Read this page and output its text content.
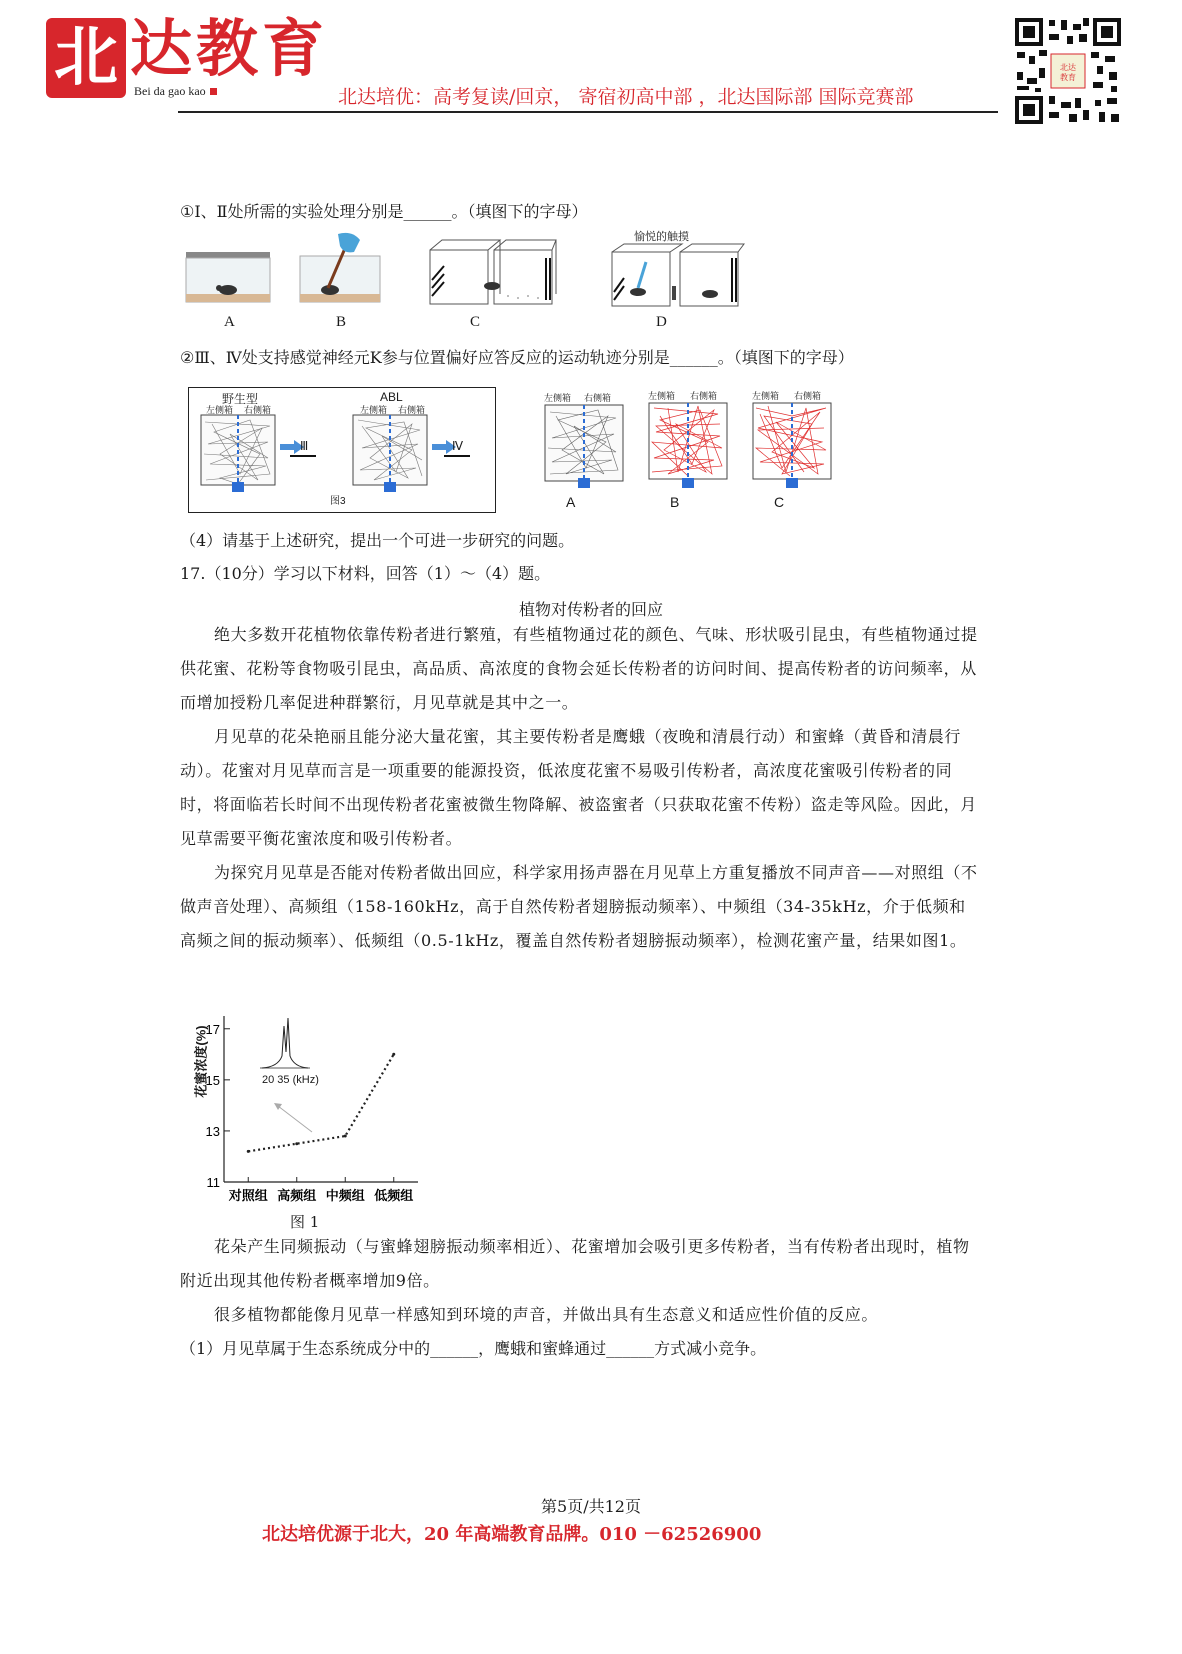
北 达教育
Bei da gao kao	北达培优：高考复读/回京， 寄宿初高中部 ，北达国际部 国际竞赛部
北达
教育
①Ⅰ、Ⅱ处所需的实验处理分别是______。（填图下的字母）
A	B	C
愉悦的触摸
D
②Ⅲ、Ⅳ处支持感觉神经元K参与位置偏好应答反应的运动轨迹分别是______。（填图下的字母）
野生型	ABL
左侧箱 右侧箱	左侧箱 右侧箱
Ⅲ	Ⅳ
图3
左侧箱 右侧箱
A
左侧箱 右侧箱
B
左侧箱 右侧箱
C
（4）请基于上述研究，提出一个可进一步研究的问题。
17.（10分）学习以下材料，回答（1）～（4）题。
植物对传粉者的回应
绝大多数开花植物依靠传粉者进行繁殖，有些植物通过花的颜色、气味、形状吸引昆虫，有些植物通过提供花蜜、花粉等食物吸引昆虫，高品质、高浓度的食物会延长传粉者的访问时间、提高传粉者的访问频率，从而增加授粉几率促进种群繁衍，月见草就是其中之一。
月见草的花朵艳丽且能分泌大量花蜜，其主要传粉者是鹰蛾（夜晚和清晨行动）和蜜蜂（黄昏和清晨行动）。花蜜对月见草而言是一项重要的能源投资，低浓度花蜜不易吸引传粉者，高浓度花蜜吸引传粉者的同时，将面临若长时间不出现传粉者花蜜被微生物降解、被盗蜜者（只获取花蜜不传粉）盗走等风险。因此，月见草需要平衡花蜜浓度和吸引传粉者。
为探究月见草是否能对传粉者做出回应，科学家用扬声器在月见草上方重复播放不同声音——对照组（不做声音处理）、高频组（158-160kHz，高于自然传粉者翅膀振动频率）、中频组（34-35kHz，介于低频和高频之间的振动频率）、低频组（0.5-1kHz，覆盖自然传粉者翅膀振动频率），检测花蜜产量，结果如图1。
11
13
15
17
对照组 高频组 中频组 低频组
20 35 (kHz)
花蜜浓度(%)
图 1
花朵产生同频振动（与蜜蜂翅膀振动频率相近）、花蜜增加会吸引更多传粉者，当有传粉者出现时，植物附近出现其他传粉者概率增加9倍。
很多植物都能像月见草一样感知到环境的声音，并做出具有生态意义和适应性价值的反应。
（1）月见草属于生态系统成分中的______，鹰蛾和蜜蜂通过______方式减小竞争。
第5页/共12页
北达培优源于北大，20 年高端教育品牌。010 －62526900
